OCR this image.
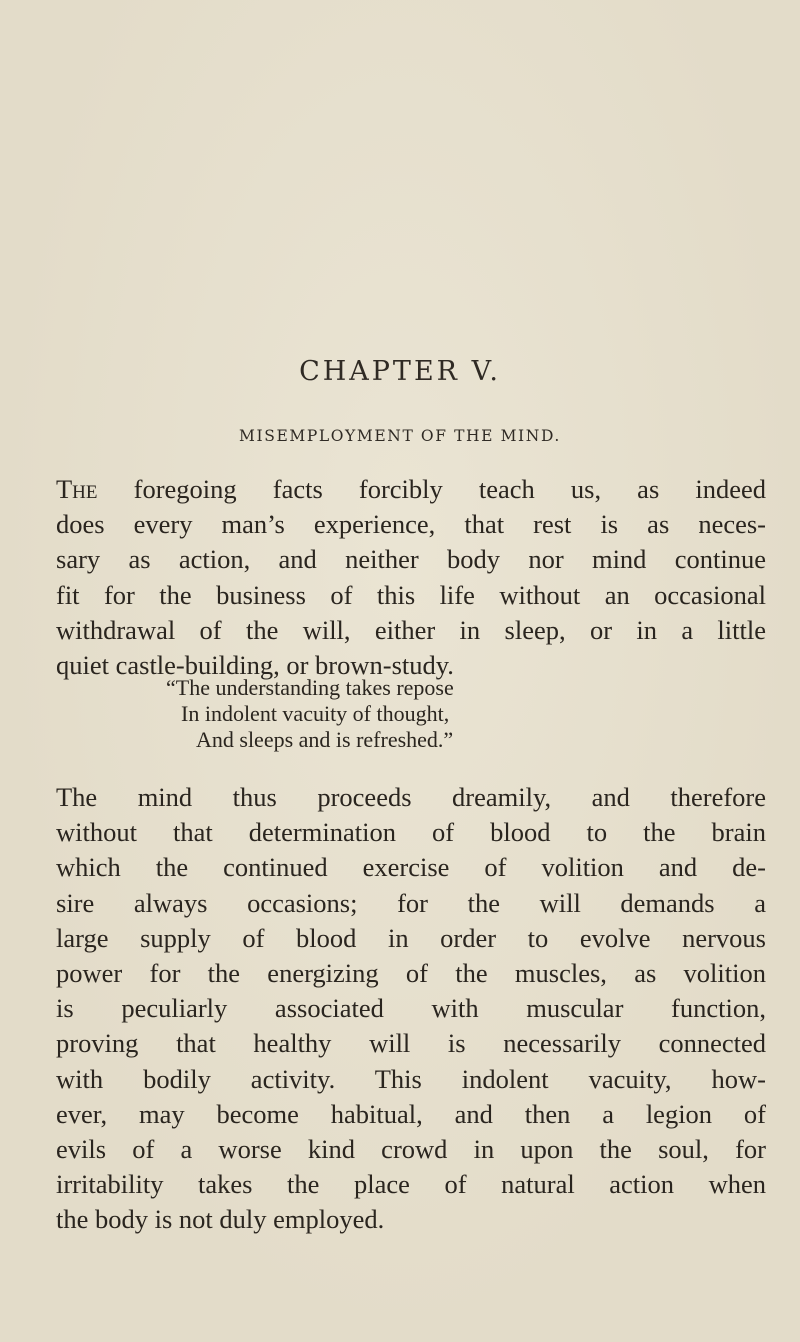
CHAPTER V.
MISEMPLOYMENT OF THE MIND.
The foregoing facts forcibly teach us, as indeed
does every man’s experience, that rest is as neces-
sary as action, and neither body nor mind continue
fit for the business of this life without an occasional
withdrawal of the will, either in sleep, or in a little
quiet castle-building, or brown-study.
“The understanding takes repose
In indolent vacuity of thought,
And sleeps and is refreshed.”
The mind thus proceeds dreamily, and therefore
without that determination of blood to the brain
which the continued exercise of volition and de-
sire always occasions; for the will demands a
large supply of blood in order to evolve nervous
power for the energizing of the muscles, as volition
is peculiarly associated with muscular function,
proving that healthy will is necessarily connected
with bodily activity. This indolent vacuity, how-
ever, may become habitual, and then a legion of
evils of a worse kind crowd in upon the soul, for
irritability takes the place of natural action when
the body is not duly employed.
